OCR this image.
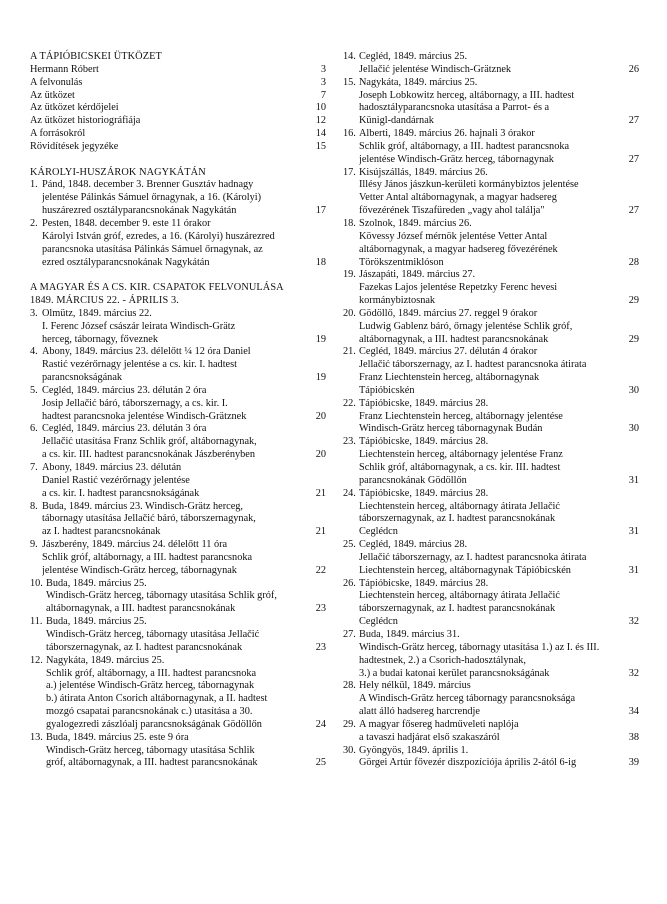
A TÁPIÓBICSKEI ÜTKÖZET
Hermann Róbert	3
A felvonulás	3
Az ütközet	7
Az ütközet kérdőjelei	10
Az ütközet historiográfiája	12
A forrásokról	14
Rövidítések jegyzéke	15
KÁROLYI-HUSZÁROK NAGYKÁTÁN
1. Pánd, 1848. december 3. Brenner Gusztáv hadnagy
jelentése Pálinkás Sámuel őrnagynak, a 16. (Károlyi)
huszárezred osztályparancsnokának Nagykátán	17
2. Pesten, 1848. december 9. este 11 órakor
Károlyi István gróf, ezredes, a 16. (Károlyi) huszárezred
parancsnoka utasítása Pálinkás Sámuel őrnagynak, az
ezred osztályparancsnokának Nagykátán	18
A MAGYAR ÉS A CS. KIR. CSAPATOK FELVONULÁSA
1849. MÁRCIUS 22. - ÁPRILIS 3.
3. Olmütz, 1849. március 22.
I. Ferenc József császár leirata Windisch-Grätz
herceg, tábornagy, főveznek	19
4. Abony, 1849. március 23. délelőtt ¼ 12 óra Daniel
Rastić vezérőrnagy jelentése a cs. kir. I. hadtest
parancsnokságának	19
5. Cegléd, 1849. március 23. délután 2 óra
Josip Jellačić báró, táborszernagy, a cs. kir. I.
hadtest parancsnoka jelentése Windisch-Grätznek	20
6. Cegléd, 1849. március 23. délután 3 óra
Jellačić utasítása Franz Schlik gróf, altábornagynak,
a cs. kir. III. hadtest parancsnokának Jászberényben	20
7. Abony, 1849. március 23. délután
Daniel Rastić vezérőrnagy jelentése
a cs. kir. I. hadtest parancsnokságának	21
8. Buda, 1849. március 23. Windisch-Grätz herceg,
tábornagy utasítása Jellačić báró, táborszernagynak,
az I. hadtest parancsnokának	21
9. Jászberény, 1849. március 24. délelőtt 11 óra
Schlik gróf, altábornagy, a III. hadtest parancsnoka
jelentése Windisch-Grätz herceg, tábornagynak	22
10. Buda, 1849. március 25.
Windisch-Grätz herceg, tábornagy utasítása Schlik gróf,
altábornagynak, a III. hadtest parancsnokának	23
11. Buda, 1849. március 25.
Windisch-Grätz herceg, tábornagy utasítása Jellačić
táborszernagynak, az I. hadtest parancsnokának	23
12. Nagykáta, 1849. március 25.
Schlik gróf, altábornagy, a III. hadtest parancsnoka
a.) jelentése Windisch-Grätz herceg, tábornagynak
b.) átirata Anton Csorich altábornagynak, a II. hadtest
mozgó csapatai parancsnokának c.) utasítása a 30.
gyalogezredi zászlóalj parancsnokságának Gödöllőn	24
13. Buda, 1849. március 25. este 9 óra
Windisch-Grätz herceg, tábornagy utasítása Schlik
gróf, altábornagynak, a III. hadtest parancsnokának	25
14. Cegléd, 1849. március 25.
Jellačić jelentése Windisch-Grätznek	26
15. Nagykáta, 1849. március 25.
Joseph Lobkowitz herceg, altábornagy, a III. hadtest
hadosztályparancsnoka utasítása a Parrot- és a
Künigl-dandárnak	27
16. Alberti, 1849. március 26. hajnali 3 órakor
Schlik gróf, altábornagy, a III. hadtest parancsnoka
jelentése Windisch-Grätz herceg, tábornagynak	27
17. Kisújszállás, 1849. március 26.
Illésy János jászkun-kerületi kormánybiztos jelentése
Vetter Antal altábornagynak, a magyar hadsereg
fővezérének Tiszafüreden „vagy ahol találja"	27
18. Szolnok, 1849. március 26.
Kövessy József mérnök jelentése Vetter Antal
altábornagynak, a magyar hadsereg fővezérének
Törökszentmiklóson	28
19. Jászapáti, 1849. március 27.
Fazekas Lajos jelentése Repetzky Ferenc hevesi
kormánybiztosnak	29
20. Gödöllő, 1849. március 27. reggel 9 órakor
Ludwig Gablenz báró, őrnagy jelentése Schlik gróf,
altábornagynak, a III. hadtest parancsnokának	29
21. Cegléd, 1849. március 27. délután 4 órakor
Jellačić táborszernagy, az I. hadtest parancsnoka átirata
Franz Liechtenstein herceg, altábornagynak
Tápióbicskén	30
22. Tápióbicske, 1849. március 28.
Franz Liechtenstein herceg, altábornagy jelentése
Windisch-Grätz herceg tábornagynak Budán	30
23. Tápióbicske, 1849. március 28.
Liechtenstein herceg, altábornagy jelentése Franz
Schlik gróf, altábornagynak, a cs. kir. III. hadtest
parancsnokának Gödöllőn	31
24. Tápióbicske, 1849. március 28.
Liechtenstein herceg, altábornagy átirata Jellačić
táborszernagynak, az I. hadtest parancsnokának
Ceglédcn	31
25. Cegléd, 1849. március 28.
Jellačić táborszernagy, az I. hadtest parancsnoka átirata
Liechtenstein herceg, altábornagynak Tápióbicskén	31
26. Tápióbicske, 1849. március 28.
Liechtenstein herceg, altábornagy átirata Jellačić
táborszernagynak, az I. hadtest parancsnokának
Ceglédcn	32
27. Buda, 1849. március 31.
Windisch-Grätz herceg, tábornagy utasítása 1.) az I. és III.
hadtestnek, 2.) a Csorich-hadosztálynak,
3.) a budai katonai kerület parancsnokságának	32
28. Hely nélkül, 1849. március
A Windisch-Grätz herceg tábornagy parancsnoksága
alatt álló hadsereg harcrendje	34
29. A magyar fősereg hadműveleti naplója
a tavaszi hadjárat első szakaszáról	38
30. Gyöngyös, 1849. április 1.
Görgei Artúr fővezér diszpozíciója április 2-ától 6-ig	39
